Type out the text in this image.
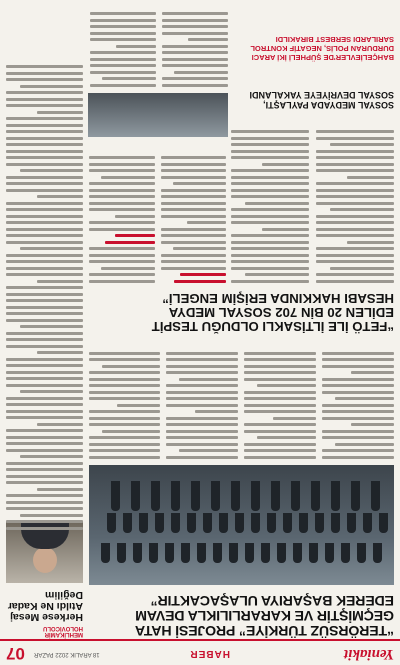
Yeniakit
HABER
18 ARALIK 2022 PAZAR
07
“TERÖRSÜZ TÜRKİYE” PROJESİ HATA
GEÇMİŞTİR VE KARARLILIKLA DEVAM
EDEREK BAŞARIYA ULAŞACAKTIR”
“FETÖ İLE İLTİSAKLI OLDUĞU TESPİT
EDİLEN 20 BİN 702 SOSYAL MEDYA
HESABI HAKKINDA ERİŞİM ENGELİ”
SOSYAL MEDYADA PAYLAŞTI, SOSYAL DEVRİYEYE YAKALANDI
BAHÇELİEVLER'DE ŞÜPHELİ İKİ ARACI DURDURAN POLİS, NEGATİF KONTROL SARILARDI SERBEST BIRAKILDI
MEHLİKAMİR HOLOVİCOLU
Herkese Mesaj Atıldı Ne Kadar Değilim
